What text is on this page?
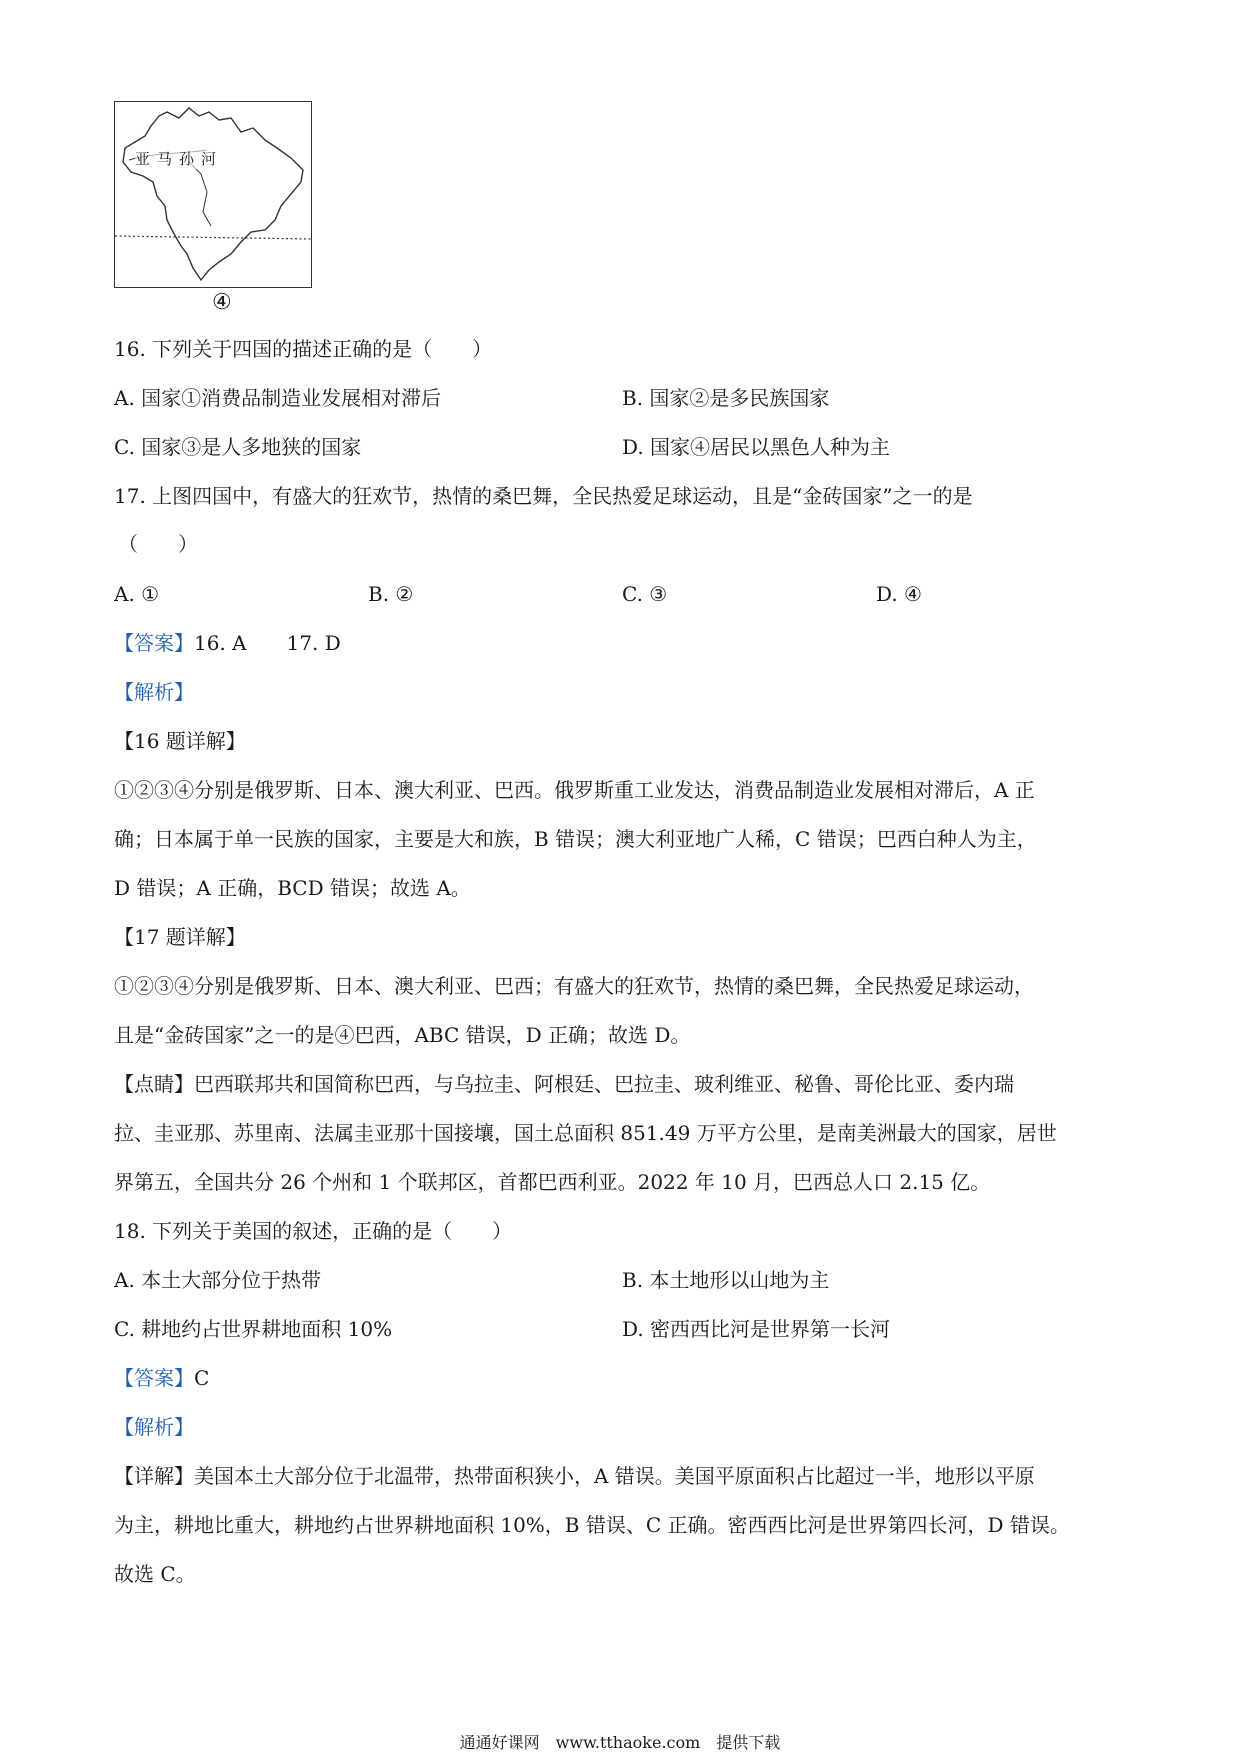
亚马孙河
④
16. 下列关于四国的描述正确的是（　　）
A. 国家①消费品制造业发展相对滞后	B. 国家②是多民族国家
C. 国家③是人多地狭的国家	D. 国家④居民以黑色人种为主
17. 上图四国中，有盛大的狂欢节，热情的桑巴舞，全民热爱足球运动，且是“金砖国家”之一的是
（　　）
A. ①	B. ②	C. ③	D. ④
【答案】16. A　　17. D
【解析】
【16 题详解】
①②③④分别是俄罗斯、日本、澳大利亚、巴西。俄罗斯重工业发达，消费品制造业发展相对滞后，A 正
确；日本属于单一民族的国家，主要是大和族，B 错误；澳大利亚地广人稀，C 错误；巴西白种人为主，
D 错误；A 正确，BCD 错误；故选 A。
【17 题详解】
①②③④分别是俄罗斯、日本、澳大利亚、巴西；有盛大的狂欢节，热情的桑巴舞，全民热爱足球运动，
且是“金砖国家”之一的是④巴西，ABC 错误，D 正确；故选 D。
【点睛】巴西联邦共和国简称巴西，与乌拉圭、阿根廷、巴拉圭、玻利维亚、秘鲁、哥伦比亚、委内瑞
拉、圭亚那、苏里南、法属圭亚那十国接壤，国土总面积 851.49 万平方公里，是南美洲最大的国家，居世
界第五，全国共分 26 个州和 1 个联邦区，首都巴西利亚。2022 年 10 月，巴西总人口 2.15 亿。
18. 下列关于美国的叙述，正确的是（　　）
A. 本土大部分位于热带	B. 本土地形以山地为主
C. 耕地约占世界耕地面积 10%	D. 密西西比河是世界第一长河
【答案】C
【解析】
【详解】美国本土大部分位于北温带，热带面积狭小，A 错误。美国平原面积占比超过一半，地形以平原
为主，耕地比重大，耕地约占世界耕地面积 10%，B 错误、C 正确。密西西比河是世界第四长河，D 错误。
故选 C。
通通好课网　www.tthaoke.com　提供下载
